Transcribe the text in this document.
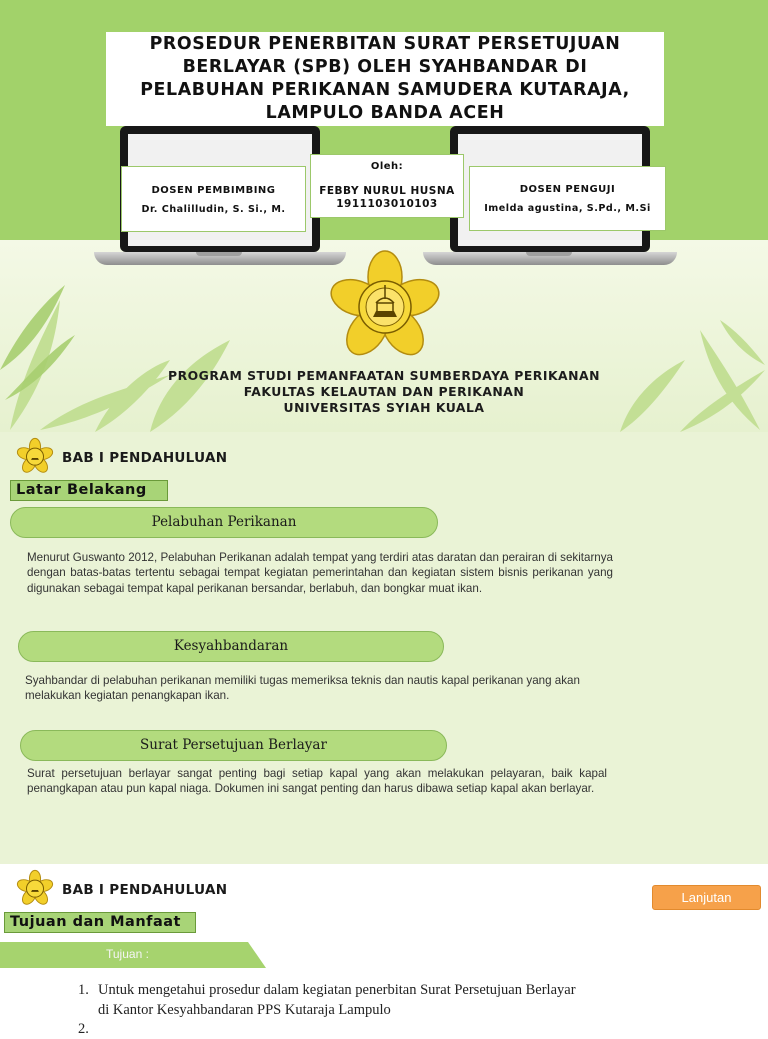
PROSEDUR PENERBITAN SURAT PERSETUJUAN
BERLAYAR (SPB) OLEH SYAHBANDAR DI
PELABUHAN PERIKANAN SAMUDERA KUTARAJA,
LAMPULO BANDA ACEH
DOSEN PEMBIMBING
Dr. Chalilludin, S. Si., M.
Oleh:
FEBBY NURUL HUSNA
1911103010103
DOSEN PENGUJI
Imelda agustina, S.Pd., M.Si
PROGRAM STUDI PEMANFAATAN SUMBERDAYA PERIKANAN
FAKULTAS KELAUTAN DAN PERIKANAN
UNIVERSITAS SYIAH KUALA
BAB I PENDAHULUAN
Latar Belakang
Pelabuhan Perikanan
Menurut Guswanto 2012, Pelabuhan Perikanan adalah tempat yang terdiri atas daratan dan perairan di sekitarnya dengan batas-batas tertentu sebagai tempat kegiatan pemerintahan dan kegiatan sistem bisnis perikanan yang digunakan sebagai tempat kapal perikanan bersandar, berlabuh, dan bongkar muat ikan.
Kesyahbandaran
Syahbandar di pelabuhan perikanan memiliki tugas memeriksa teknis dan nautis kapal perikanan yang akan melakukan kegiatan penangkapan ikan.
Surat Persetujuan Berlayar
Surat persetujuan berlayar sangat penting bagi setiap kapal yang akan melakukan pelayaran, baik kapal penangkapan atau pun kapal niaga. Dokumen ini sangat penting dan harus dibawa setiap kapal akan berlayar.
BAB I PENDAHULUAN	Lanjutan
Tujuan dan Manfaat
Tujuan :
1. Untuk mengetahui prosedur dalam kegiatan penerbitan Surat Persetujuan Berlayar
di Kantor Kesyahbandaran PPS Kutaraja Lampulo
2.
